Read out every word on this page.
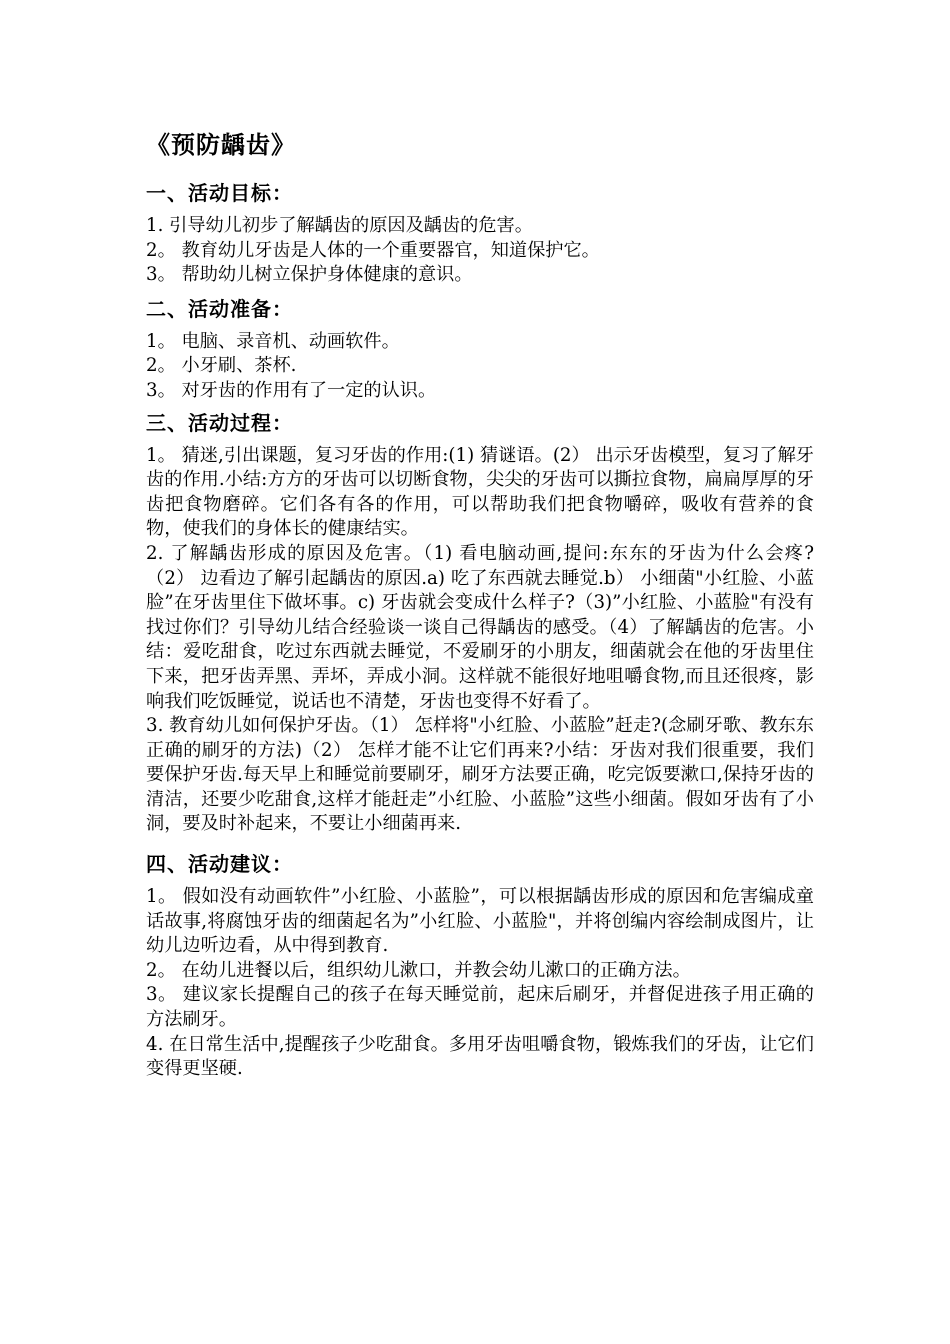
《预防龋齿》
一、活动目标：

1. 引导幼儿初步了解龋齿的原因及龋齿的危害。

2。 教育幼儿牙齿是人体的一个重要器官，知道保护它。

3。 帮助幼儿树立保护身体健康的意识。

二、活动准备：

1。 电脑、录音机、动画软件。

2。 小牙刷、茶杯.

3。 对牙齿的作用有了一定的认识。

三、活动过程：

1。 猜迷,引出课题，复习牙齿的作用:(1) 猜谜语。(2） 出示牙齿模型，复习了解牙齿的作用.小结:方方的牙齿可以切断食物，尖尖的牙齿可以撕拉食物，扁扁厚厚的牙齿把食物磨碎。它们各有各的作用，可以帮助我们把食物嚼碎，吸收有营养的食物，使我们的身体长的健康结实。

2. 了解龋齿形成的原因及危害。（1) 看电脑动画,提问:东东的牙齿为什么会疼?（2） 边看边了解引起龋齿的原因.a) 吃了东西就去睡觉.b） 小细菌"小红脸、小蓝脸”在牙齿里住下做坏事。c) 牙齿就会变成什么样子?（3)”小红脸、小蓝脸"有没有找过你们？引导幼儿结合经验谈一谈自己得龋齿的感受。（4）了解龋齿的危害。小结：爱吃甜食，吃过东西就去睡觉，不爱刷牙的小朋友，细菌就会在他的牙齿里住下来，把牙齿弄黑、弄坏，弄成小洞。这样就不能很好地咀嚼食物,而且还很疼，影响我们吃饭睡觉，说话也不清楚，牙齿也变得不好看了。

3. 教育幼儿如何保护牙齿。（1） 怎样将"小红脸、小蓝脸”赶走?(念刷牙歌、教东东正确的刷牙的方法)（2） 怎样才能不让它们再来?小结：牙齿对我们很重要，我们要保护牙齿.每天早上和睡觉前要刷牙，刷牙方法要正确，吃完饭要漱口,保持牙齿的清洁，还要少吃甜食,这样才能赶走”小红脸、小蓝脸”这些小细菌。假如牙齿有了小洞，要及时补起来，不要让小细菌再来.

四、活动建议：

1。 假如没有动画软件”小红脸、小蓝脸”，可以根据龋齿形成的原因和危害编成童话故事,将腐蚀牙齿的细菌起名为”小红脸、小蓝脸"，并将创编内容绘制成图片，让幼儿边听边看，从中得到教育.

2。 在幼儿进餐以后，组织幼儿漱口，并教会幼儿漱口的正确方法。

3。 建议家长提醒自己的孩子在每天睡觉前，起床后刷牙，并督促进孩子用正确的方法刷牙。

4. 在日常生活中,提醒孩子少吃甜食。多用牙齿咀嚼食物，锻炼我们的牙齿，让它们变得更坚硬.
